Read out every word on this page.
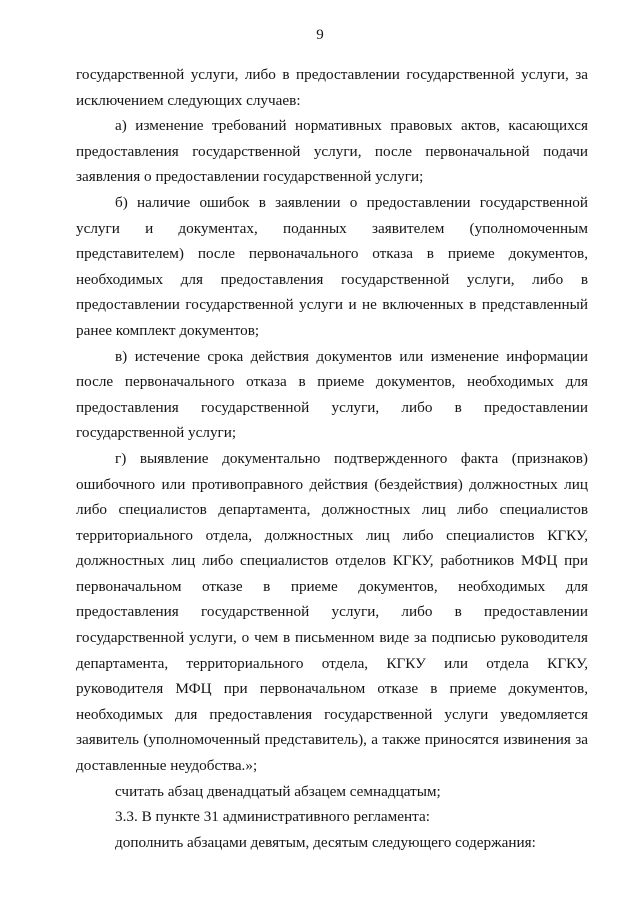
9

государственной услуги, либо в предоставлении государственной услуги, за исключением следующих случаев:

а) изменение требований нормативных правовых актов, касающихся предоставления государственной услуги, после первоначальной подачи заявления о предоставлении государственной услуги;

б) наличие ошибок в заявлении о предоставлении государственной услуги и документах, поданных заявителем (уполномоченным представителем) после первоначального отказа в приеме документов, необходимых для предоставления государственной услуги, либо в предоставлении государственной услуги и не включенных в представленный ранее комплект документов;

в) истечение срока действия документов или изменение информации после первоначального отказа в приеме документов, необходимых для предоставления государственной услуги, либо в предоставлении государственной услуги;

г) выявление документально подтвержденного факта (признаков) ошибочного или противоправного действия (бездействия) должностных лиц либо специалистов департамента, должностных лиц либо специалистов территориального отдела, должностных лиц либо специалистов КГКУ, должностных лиц либо специалистов отделов КГКУ, работников МФЦ при первоначальном отказе в приеме документов, необходимых для предоставления государственной услуги, либо в предоставлении государственной услуги, о чем в письменном виде за подписью руководителя департамента, территориального отдела, КГКУ или отдела КГКУ, руководителя МФЦ при первоначальном отказе в приеме документов, необходимых для предоставления государственной услуги уведомляется заявитель (уполномоченный представитель), а также приносятся извинения за доставленные неудобства.»;

считать абзац двенадцатый абзацем семнадцатым;

3.3. В пункте 31 административного регламента:

дополнить абзацами девятым, десятым следующего содержания:
